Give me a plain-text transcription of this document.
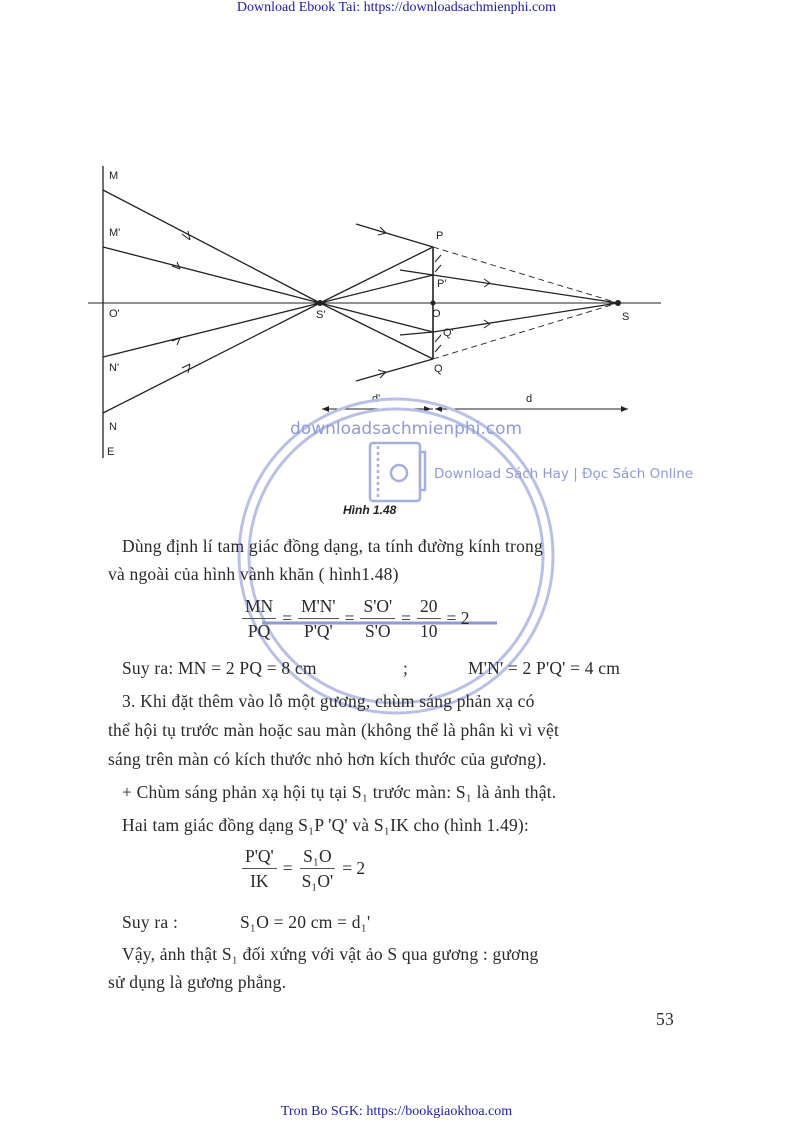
Download Ebook Tai: https://downloadsachmienphi.com
M
M'
O'
N'
N
E
S'	O	S
P
P'
Q'
Q
d'	d
Hình 1.48
downloadsachmienphi.com
Download Sách Hay | Đọc Sách Online
Dùng định lí tam giác đồng dạng, ta tính đường kính trong
và ngoài của hình vành khăn ( hình1.48)
$\frac{MN}{PQ} = \frac{M'N'}{P'Q'} = \frac{S'O'}{S'O} = \frac{20}{10} = 2$
Suy ra: MN = 2 PQ = 8 cm	;	M'N' = 2 P'Q' = 4 cm
3. Khi đặt thêm vào lỗ một gương, chùm sáng phản xạ có
thể hội tụ trước màn hoặc sau màn (không thể là phân kì vì vệt
sáng trên màn có kích thước nhỏ hơn kích thước của gương).
+ Chùm sáng phản xạ hội tụ tại S₁ trước màn: S₁ là ảnh thật.
Hai tam giác đồng dạng S₁P 'Q' và S₁IK cho (hình 1.49):
$\frac{P'Q'}{IK} = \frac{\text{S₁O}}{\text{S₁O'}} = 2$
Suy ra :	S₁O = 20 cm = d₁'
Vậy, ảnh thật S₁ đối xứng với vật ảo S qua gương : gương
sử dụng là gương phẳng.
53
Tron Bo SGK: https://bookgiaokhoa.com
